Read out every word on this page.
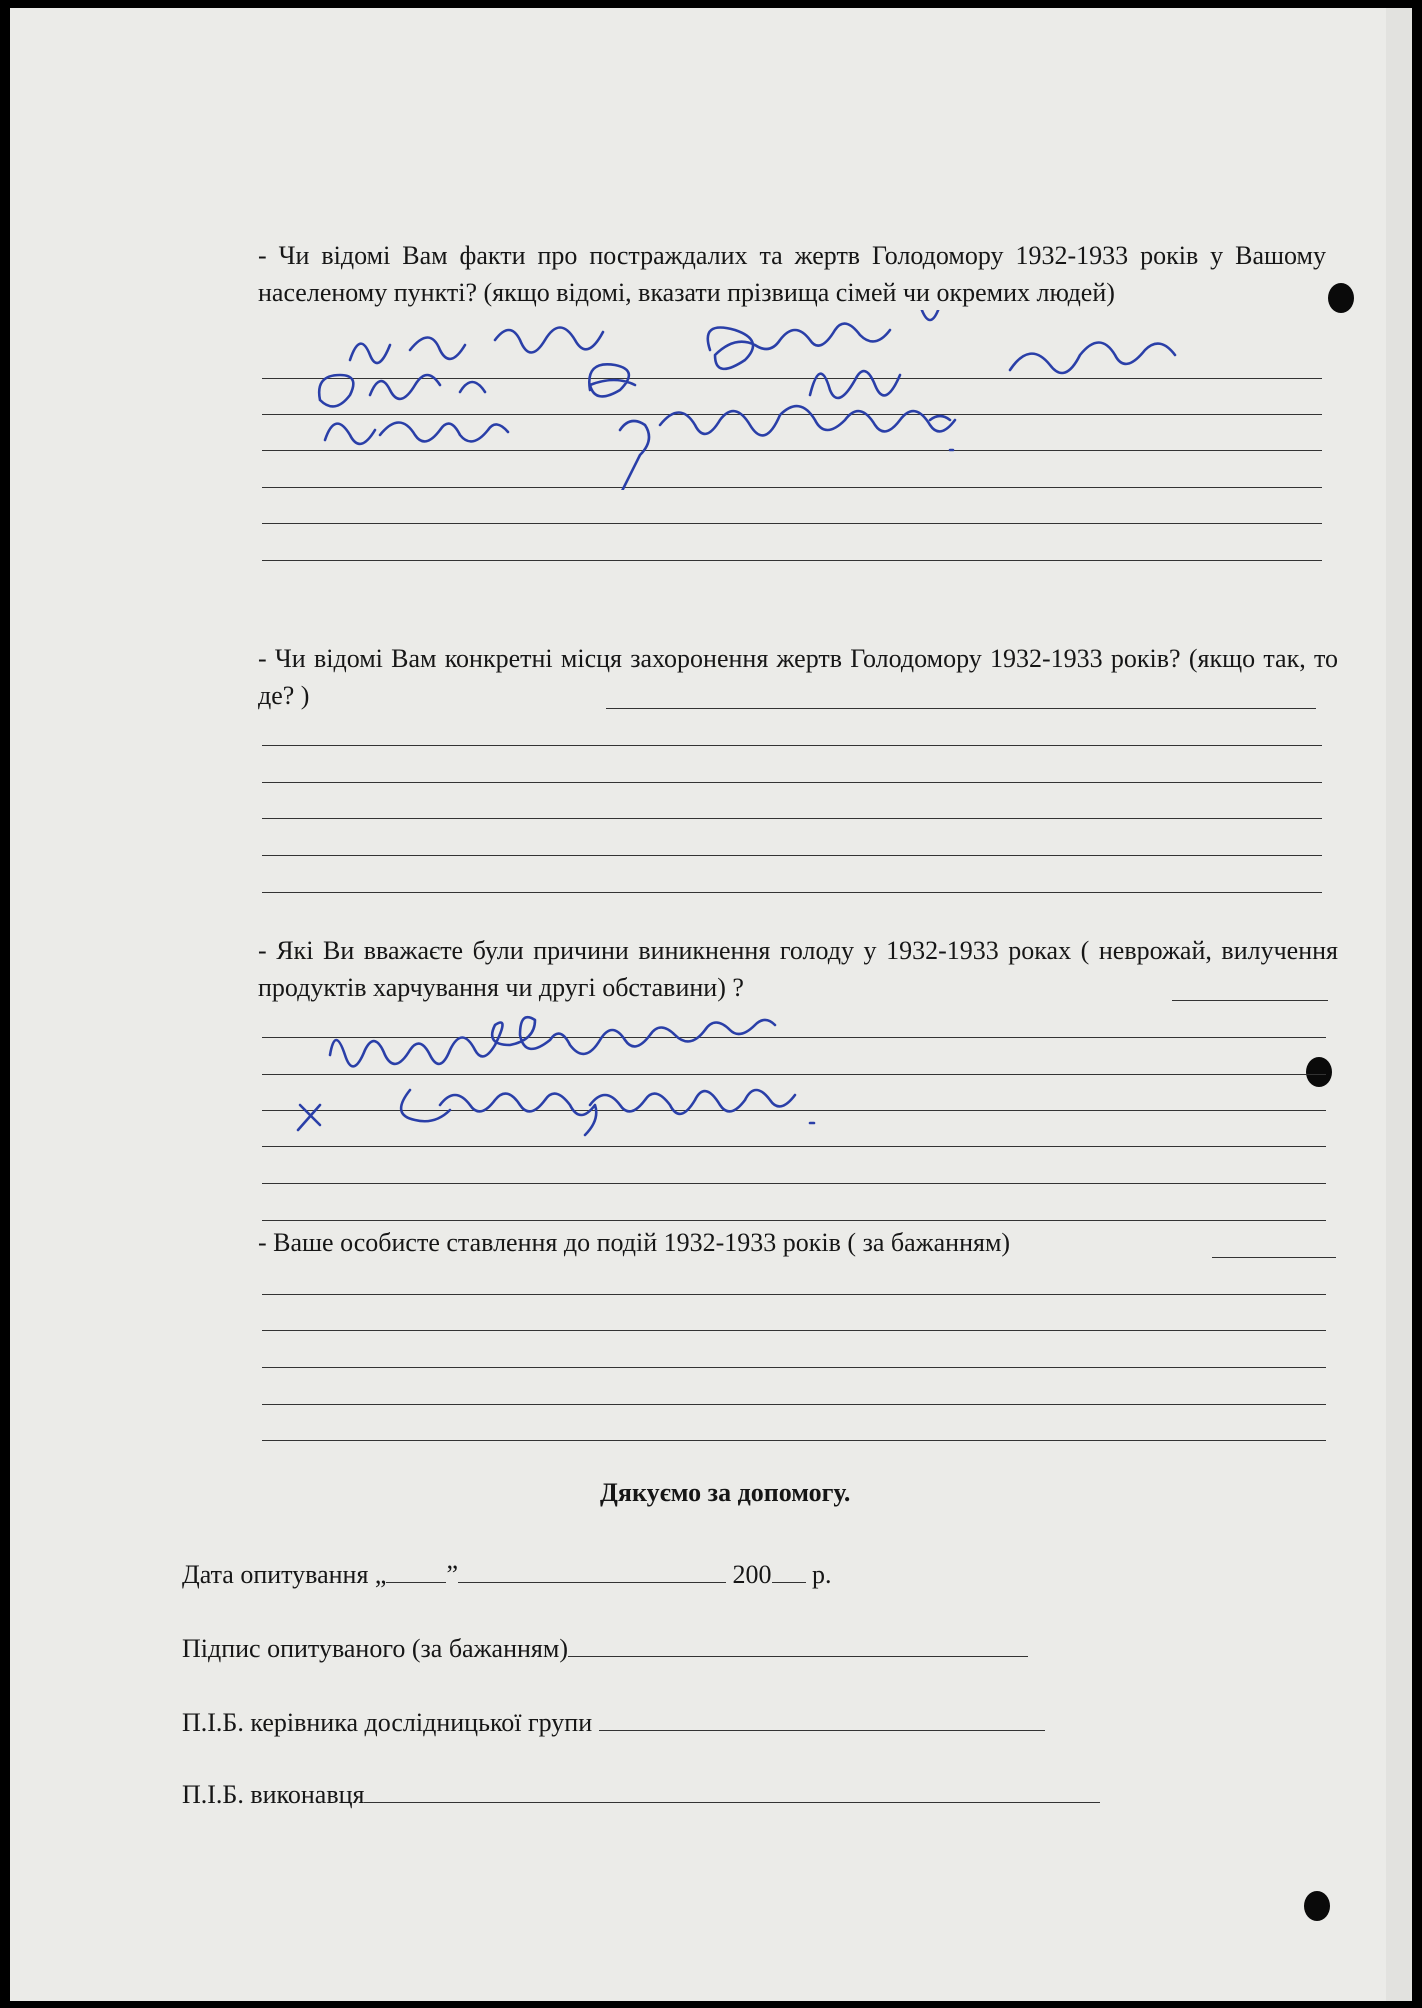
- Чи відомі Вам факти про постраждалих та жертв Голодомору 1932-1933 років у Вашому населеному пункті? (якщо відомі, вказати прізвища сімей чи окремих людей)
- Чи відомі Вам конкретні місця захоронення жертв Голодомору 1932-1933 років? (якщо так, то де? )
- Які Ви вважаєте були причини виникнення голоду у 1932-1933 роках ( неврожай, вилучення продуктів харчування чи другі обставини) ?
- Ваше особисте ставлення до подій 1932-1933 років ( за бажанням)
Дякуємо за допомогу.
Дата опитування „ ”	200 р.
Підпис опитуваного (за бажанням)
П.І.Б. керівника дослідницької групи
П.І.Б. виконавця
